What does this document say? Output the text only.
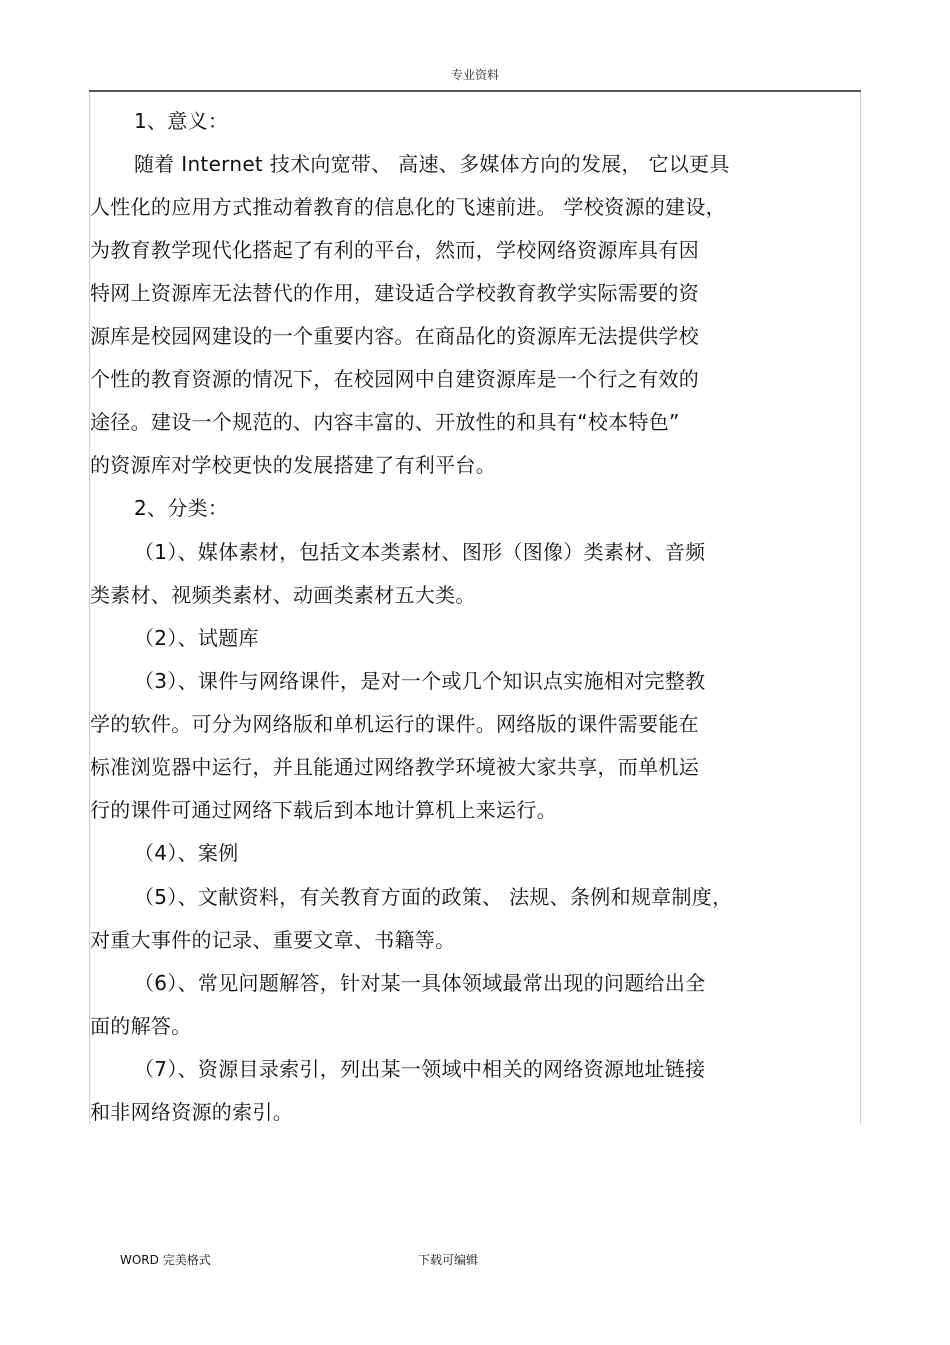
专业资料
1、意义：
随着 Internet 技术向宽带、 高速、多媒体方向的发展， 它以更具
人性化的应用方式推动着教育的信息化的飞速前进。 学校资源的建设，
为教育教学现代化搭起了有利的平台，然而，学校网络资源库具有因
特网上资源库无法替代的作用，建设适合学校教育教学实际需要的资
源库是校园网建设的一个重要内容。在商品化的资源库无法提供学校
个性的教育资源的情况下，在校园网中自建资源库是一个行之有效的
途径。建设一个规范的、内容丰富的、开放性的和具有“校本特色”
的资源库对学校更快的发展搭建了有利平台。
2、分类：
（1）、媒体素材，包括文本类素材、图形（图像）类素材、音频
类素材、视频类素材、动画类素材五大类。
（2）、试题库
（3）、课件与网络课件，是对一个或几个知识点实施相对完整教
学的软件。可分为网络版和单机运行的课件。网络版的课件需要能在
标准浏览器中运行，并且能通过网络教学环境被大家共享，而单机运
行的课件可通过网络下载后到本地计算机上来运行。
（4）、案例
（5）、文献资料，有关教育方面的政策、 法规、条例和规章制度，
对重大事件的记录、重要文章、书籍等。
（6）、常见问题解答，针对某一具体领域最常出现的问题给出全
面的解答。
（7）、资源目录索引，列出某一领域中相关的网络资源地址链接
和非网络资源的索引。
WORD 完美格式	下载可编辑
